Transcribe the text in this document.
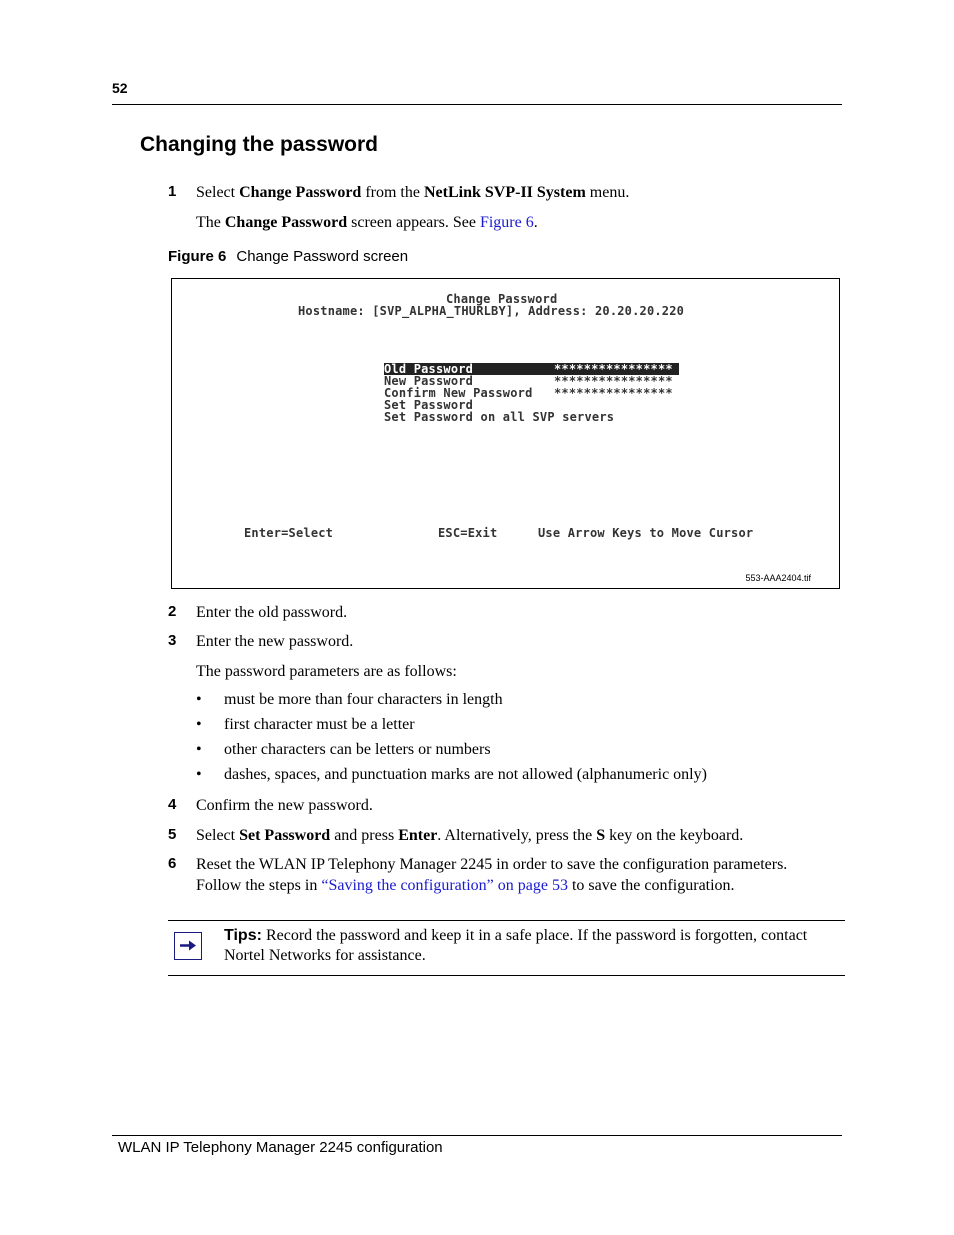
52
Changing the password
1 Select Change Password from the NetLink SVP-II System menu.
The Change Password screen appears. See Figure 6.
Figure 6 Change Password screen
Change Password
Hostname: [SVP_ALPHA_THURLBY], Address: 20.20.20.220
Old Password	****************
New Password	****************
Confirm New Password ****************
Set Password
Set Password on all SVP servers
Enter=Select	ESC=Exit	Use Arrow Keys to Move Cursor
553-AAA2404.tif
2 Enter the old password.
3 Enter the new password.
The password parameters are as follows:
• must be more than four characters in length
• first character must be a letter
• other characters can be letters or numbers
• dashes, spaces, and punctuation marks are not allowed (alphanumeric only)
4 Confirm the new password.
5 Select Set Password and press Enter. Alternatively, press the S key on the keyboard.
6 Reset the WLAN IP Telephony Manager 2245 in order to save the configuration parameters.
Follow the steps in “Saving the configuration” on page 53 to save the configuration.
Tips: Record the password and keep it in a safe place. If the password is forgotten, contact
Nortel Networks for assistance.
WLAN IP Telephony Manager 2245 configuration
